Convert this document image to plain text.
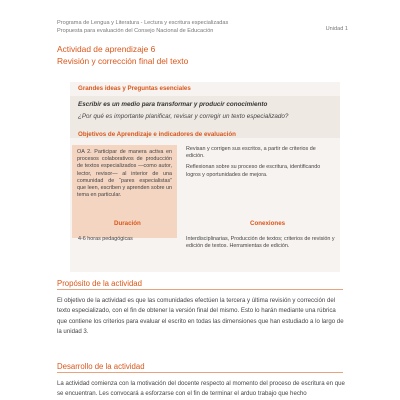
Programa de Lengua y Literatura - Lectura y escritura especializadas
Propuesta para evaluación del Consejo Nacional de Educación	Unidad 1
Actividad de aprendizaje 6
Revisión y corrección final del texto
Grandes ideas y Preguntas esenciales
Escribir es un medio para transformar y producir conocimiento
¿Por qué es importante planificar, revisar y corregir un texto especializado?
Objetivos de Aprendizaje e indicadores de evaluación
OA 2. Participar de manera activa en procesos colaborativos de producción de textos especializados —como autor, lector, revisor— al interior de una comunidad de “pares especialistas” que leen, escriben y aprenden sobre un tema en particular.

Revisan y corrigen sus escritos, a partir de criterios de edición.

Reflexionan sobre su proceso de escritura, identificando logros y oportunidades de mejora.

Duración	Conexiones
4-6 horas pedagógicas	Interdisciplinarias, Producción de textos; criterios de revisión y edición de textos. Herramientas de edición.
Propósito de la actividad
El objetivo de la actividad es que las comunidades efectúen la tercera y última revisión y corrección del texto especializado, con el fin de obtener la versión final del mismo. Esto lo harán mediante una rúbrica que contiene los criterios para evaluar el escrito en todas las dimensiones que han estudiado a lo largo de la unidad 3.
Desarrollo de la actividad
La actividad comienza con la motivación del docente respecto al momento del proceso de escritura en que se encuentran. Les convocará a esforzarse con el fin de terminar el arduo trabajo que hecho
